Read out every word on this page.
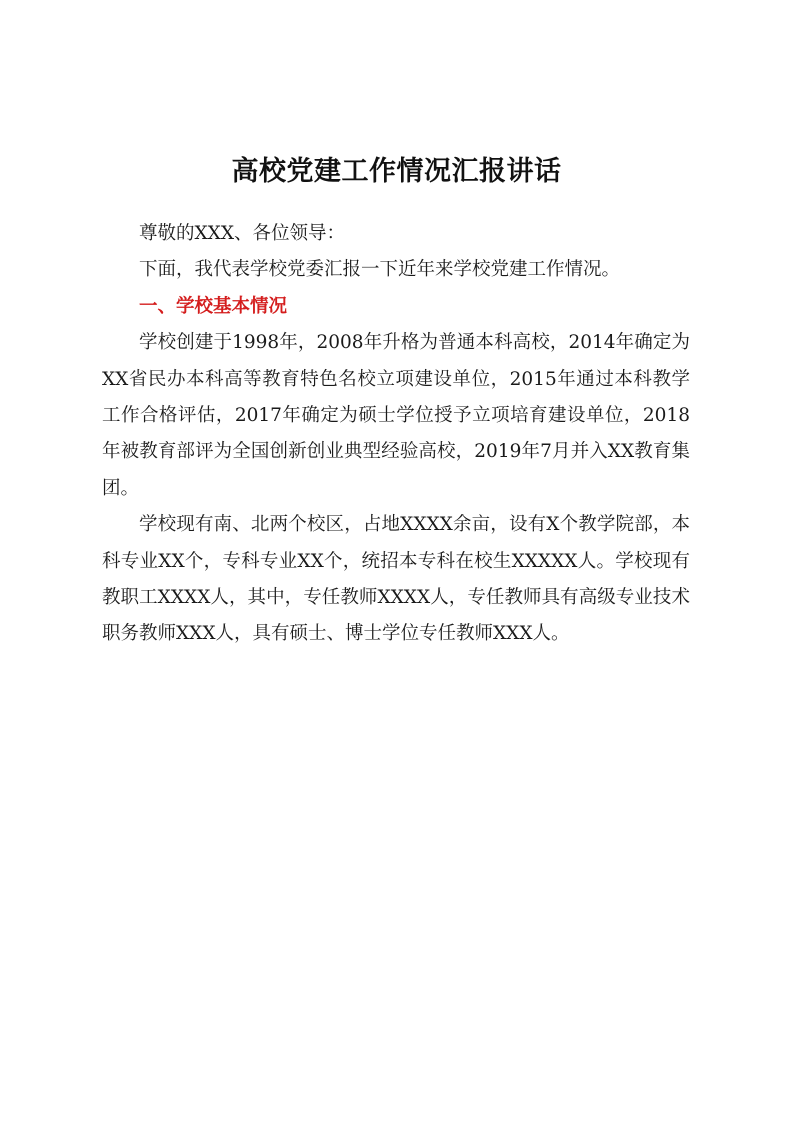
高校党建工作情况汇报讲话

尊敬的XXX、各位领导：

下面，我代表学校党委汇报一下近年来学校党建工作情况。

一、学校基本情况

学校创建于1998年，2008年升格为普通本科高校，2014年确定为XX省民办本科高等教育特色名校立项建设单位，2015年通过本科教学工作合格评估，2017年确定为硕士学位授予立项培育建设单位，2018年被教育部评为全国创新创业典型经验高校，2019年7月并入XX教育集团。

学校现有南、北两个校区，占地XXXX余亩，设有X个教学院部，本科专业XX个，专科专业XX个，统招本专科在校生XXXXX人。学校现有教职工XXXX人，其中，专任教师XXXX人，专任教师具有高级专业技术职务教师XXX人，具有硕士、博士学位专任教师XXX人。
